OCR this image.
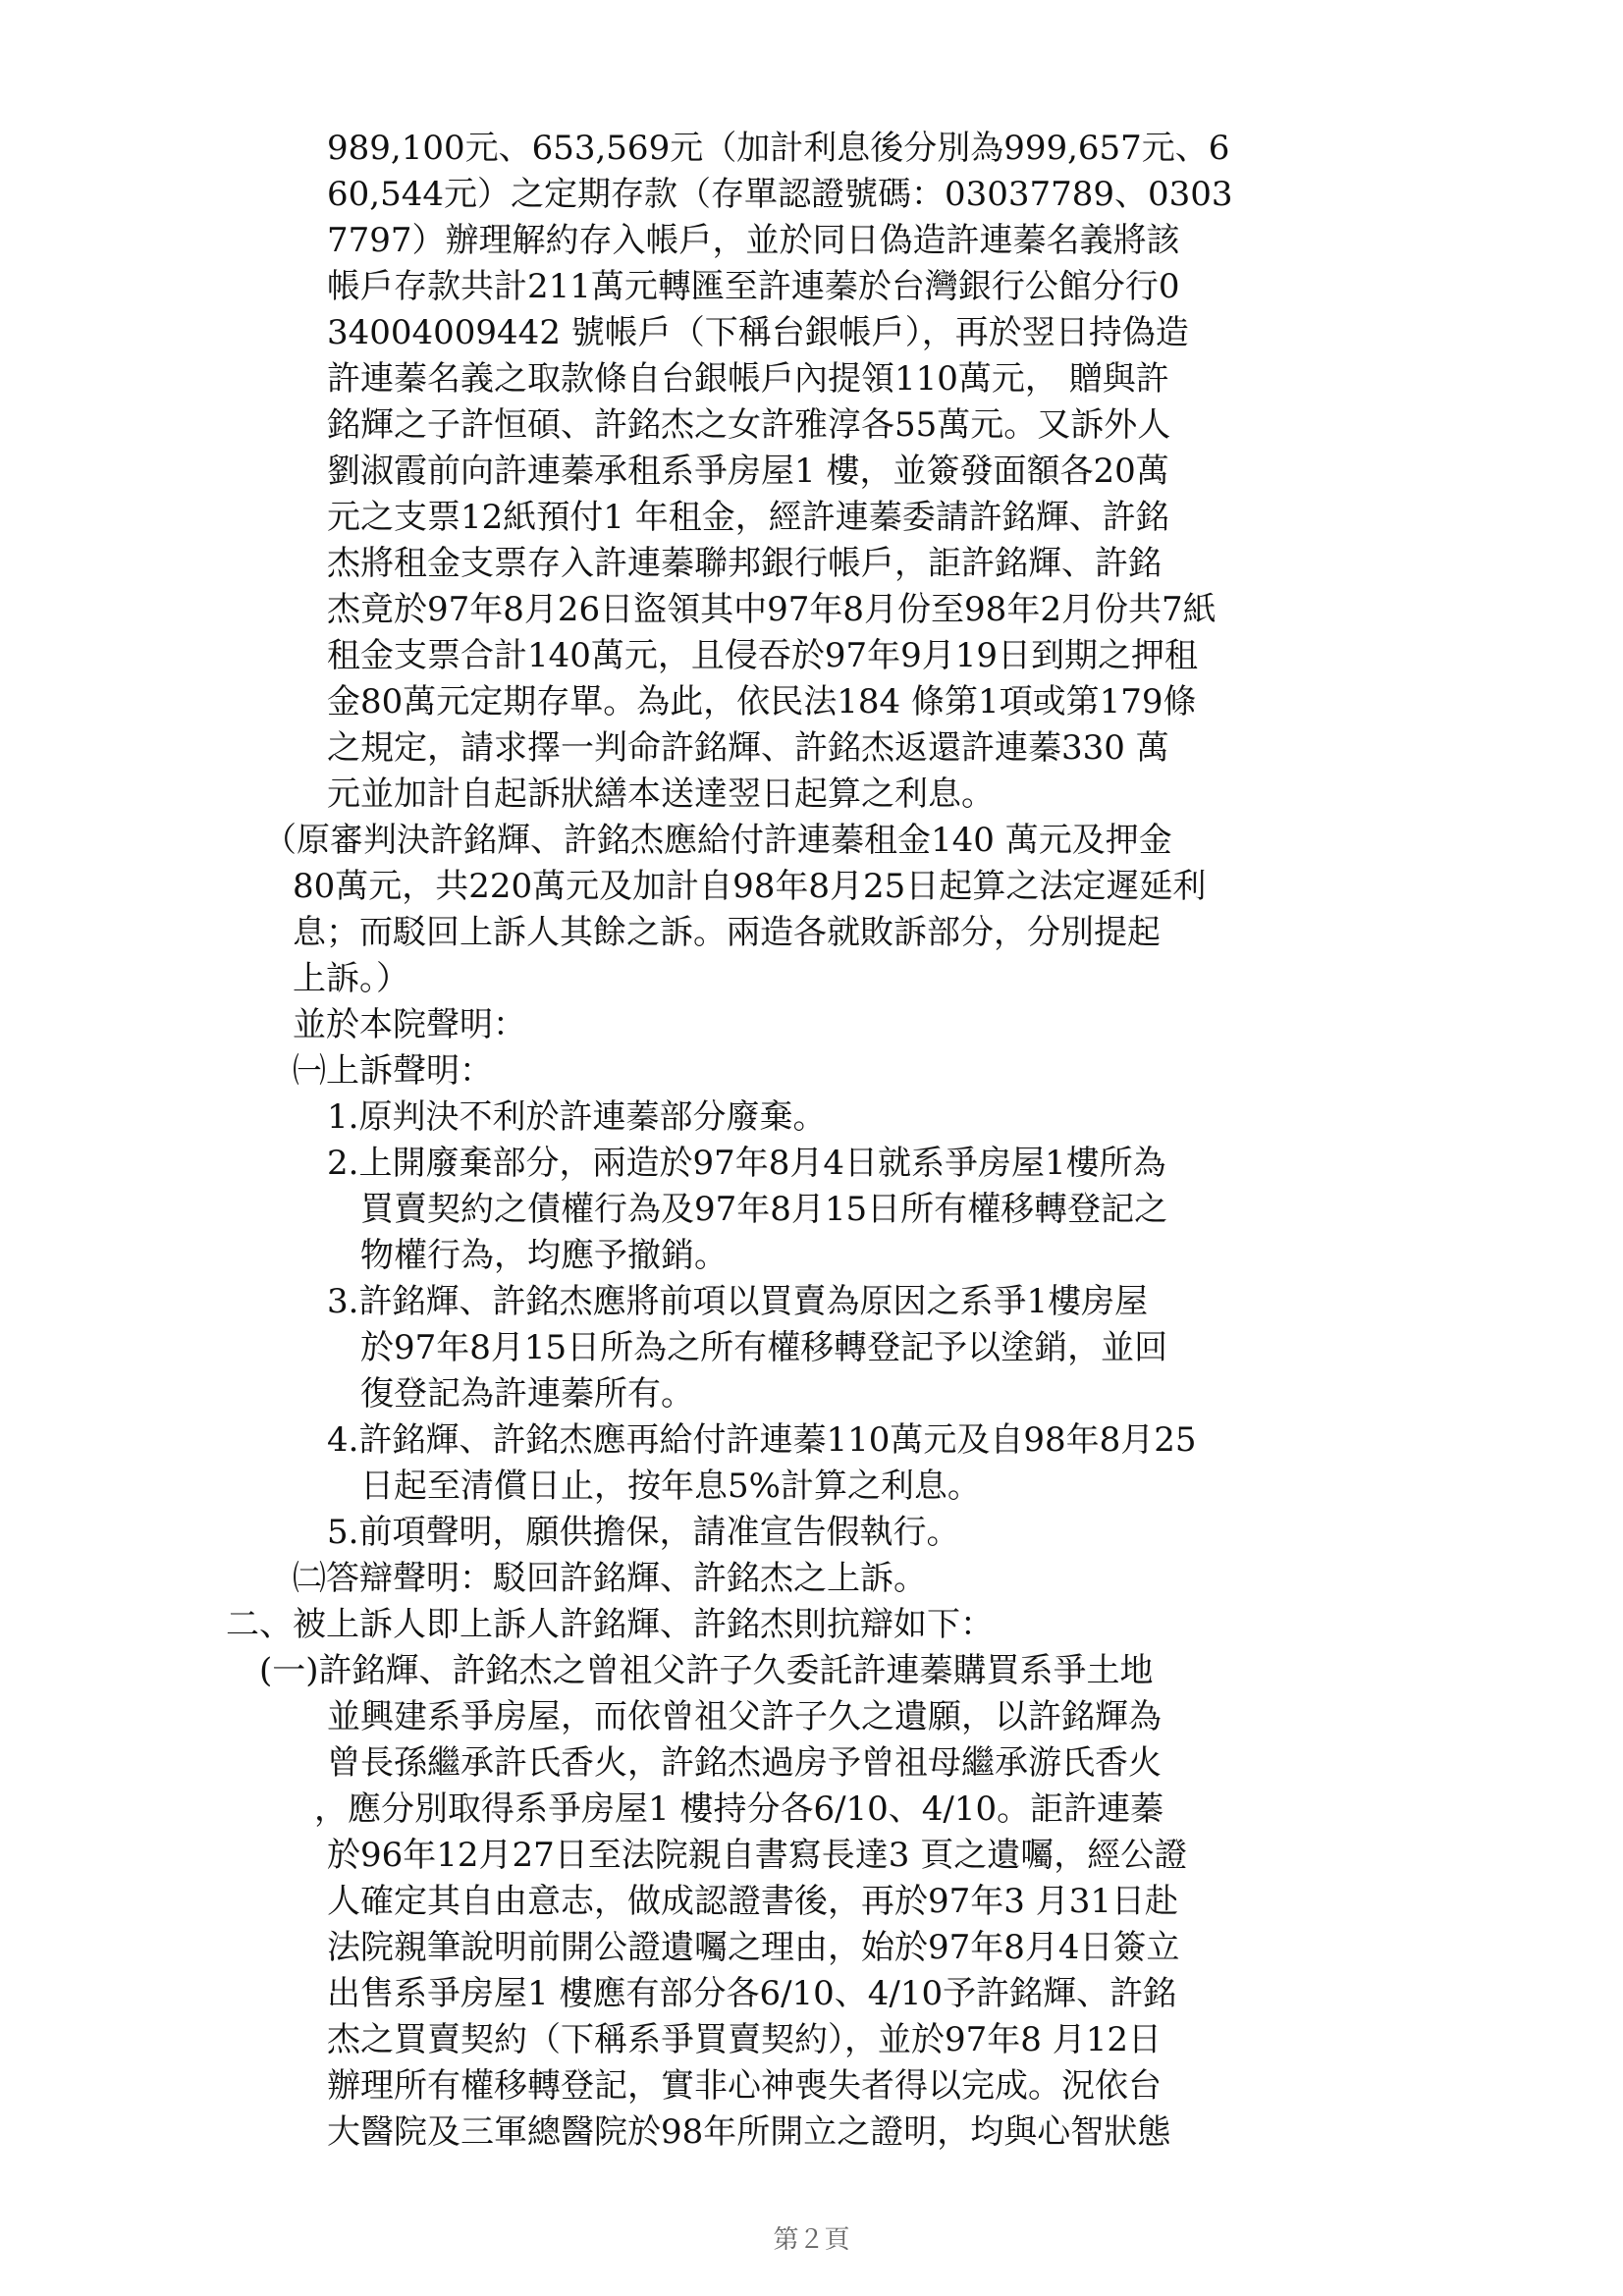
989,100元、653,569元（加計利息後分別為999,657元、6

60,544元）之定期存款（存單認證號碼：03037789、0303

7797）辦理解約存入帳戶，並於同日偽造許連蓁名義將該

帳戶存款共計211萬元轉匯至許連蓁於台灣銀行公館分行0

34004009442 號帳戶（下稱台銀帳戶），再於翌日持偽造

許連蓁名義之取款條自台銀帳戶內提領110萬元， 贈與許

銘輝之子許恒碩、許銘杰之女許雅淳各55萬元。又訴外人

劉淑霞前向許連蓁承租系爭房屋1 樓，並簽發面額各20萬

元之支票12紙預付1 年租金，經許連蓁委請許銘輝、許銘

杰將租金支票存入許連蓁聯邦銀行帳戶，詎許銘輝、許銘

杰竟於97年8月26日盜領其中97年8月份至98年2月份共7紙

租金支票合計140萬元，且侵吞於97年9月19日到期之押租

金80萬元定期存單。為此，依民法184 條第1項或第179條

之規定，請求擇一判命許銘輝、許銘杰返還許連蓁330 萬

元並加計自起訴狀繕本送達翌日起算之利息。

（原審判決許銘輝、許銘杰應給付許連蓁租金140 萬元及押金

80萬元，共220萬元及加計自98年8月25日起算之法定遲延利

息；而駁回上訴人其餘之訴。兩造各就敗訴部分，分別提起

上訴。）

並於本院聲明：

㈠上訴聲明：

1.原判決不利於許連蓁部分廢棄。

2.上開廢棄部分，兩造於97年8月4日就系爭房屋1樓所為

買賣契約之債權行為及97年8月15日所有權移轉登記之

物權行為，均應予撤銷。

3.許銘輝、許銘杰應將前項以買賣為原因之系爭1樓房屋

於97年8月15日所為之所有權移轉登記予以塗銷，並回

復登記為許連蓁所有。

4.許銘輝、許銘杰應再給付許連蓁110萬元及自98年8月25

日起至清償日止，按年息5%計算之利息。

5.前項聲明，願供擔保，請准宣告假執行。

㈡答辯聲明：駁回許銘輝、許銘杰之上訴。

二、被上訴人即上訴人許銘輝、許銘杰則抗辯如下：

(一)許銘輝、許銘杰之曾祖父許子久委託許連蓁購買系爭土地

並興建系爭房屋，而依曾祖父許子久之遺願，以許銘輝為

曾長孫繼承許氏香火，許銘杰過房予曾祖母繼承游氏香火

，應分別取得系爭房屋1 樓持分各6/10、4/10。詎許連蓁

於96年12月27日至法院親自書寫長達3 頁之遺囑，經公證

人確定其自由意志，做成認證書後，再於97年3 月31日赴

法院親筆說明前開公證遺囑之理由，始於97年8月4日簽立

出售系爭房屋1 樓應有部分各6/10、4/10予許銘輝、許銘

杰之買賣契約（下稱系爭買賣契約），並於97年8 月12日

辦理所有權移轉登記，實非心神喪失者得以完成。況依台

大醫院及三軍總醫院於98年所開立之證明，均與心智狀態

第２頁
